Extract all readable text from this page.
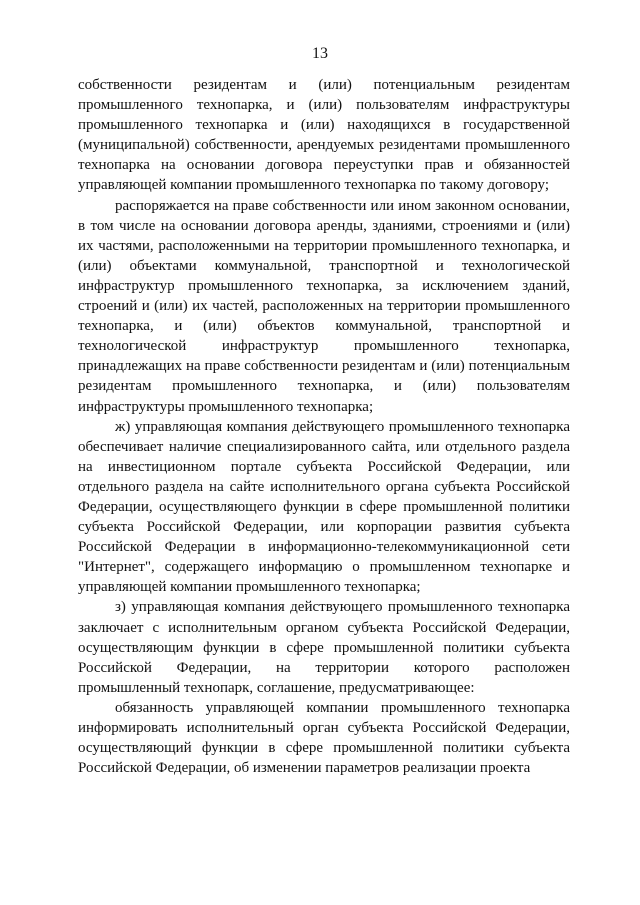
13

собственности резидентам и (или) потенциальным резидентам промышленного технопарка, и (или) пользователям инфраструктуры промышленного технопарка и (или) находящихся в государственной (муниципальной) собственности, арендуемых резидентами промышленного технопарка на основании договора переуступки прав и обязанностей управляющей компании промышленного технопарка по такому договору;

распоряжается на праве собственности или ином законном основании, в том числе на основании договора аренды, зданиями, строениями и (или) их частями, расположенными на территории промышленного технопарка, и (или) объектами коммунальной, транспортной и технологической инфраструктур промышленного технопарка, за исключением зданий, строений и (или) их частей, расположенных на территории промышленного технопарка, и (или) объектов коммунальной, транспортной и технологической инфраструктур промышленного технопарка, принадлежащих на праве собственности резидентам и (или) потенциальным резидентам промышленного технопарка, и (или) пользователям инфраструктуры промышленного технопарка;

ж) управляющая компания действующего промышленного технопарка обеспечивает наличие специализированного сайта, или отдельного раздела на инвестиционном портале субъекта Российской Федерации, или отдельного раздела на сайте исполнительного органа субъекта Российской Федерации, осуществляющего функции в сфере промышленной политики субъекта Российской Федерации, или корпорации развития субъекта Российской Федерации в информационно-телекоммуникационной сети "Интернет", содержащего информацию о промышленном технопарке и управляющей компании промышленного технопарка;

з) управляющая компания действующего промышленного технопарка заключает с исполнительным органом субъекта Российской Федерации, осуществляющим функции в сфере промышленной политики субъекта Российской Федерации, на территории которого расположен промышленный технопарк, соглашение, предусматривающее:

обязанность управляющей компании промышленного технопарка информировать исполнительный орган субъекта Российской Федерации, осуществляющий функции в сфере промышленной политики субъекта Российской Федерации, об изменении параметров реализации проекта
